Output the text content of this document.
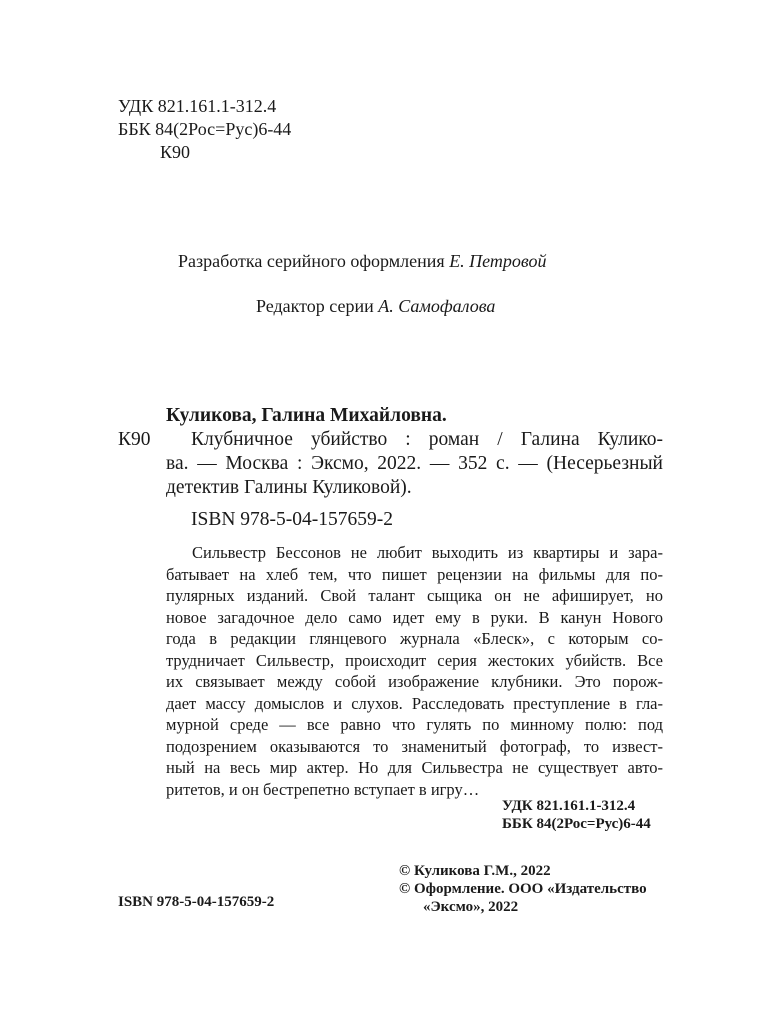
УДК 821.161.1-312.4
ББК 84(2Рос=Рус)6-44
К90
Разработка серийного оформления Е. Петровой
Редактор серии А. Самофалова
Куликова, Галина Михайловна.
К90 Клубничное убийство : роман / Галина Кулико-
ва. — Москва : Эксмо, 2022. — 352 с. — (Несерьезный
детектив Галины Куликовой).
ISBN 978-5-04-157659-2
Сильвестр Бессонов не любит выходить из квартиры и зара-
батывает на хлеб тем, что пишет рецензии на фильмы для по-
пулярных изданий. Свой талант сыщика он не афиширует, но
новое загадочное дело само идет ему в руки. В канун Нового
года в редакции глянцевого журнала «Блеск», с которым со-
трудничает Сильвестр, происходит серия жестоких убийств. Все
их связывает между собой изображение клубники. Это порож-
дает массу домыслов и слухов. Расследовать преступление в гла-
мурной среде — все равно что гулять по минному полю: под
подозрением оказываются то знаменитый фотограф, то извест-
ный на весь мир актер. Но для Сильвестра не существует авто-
ритетов, и он бестрепетно вступает в игру…
УДК 821.161.1-312.4
ББК 84(2Рос=Рус)6-44
ISBN 978-5-04-157659-2
© Куликова Г.М., 2022
© Оформление. ООО «Издательство
«Эксмо», 2022
